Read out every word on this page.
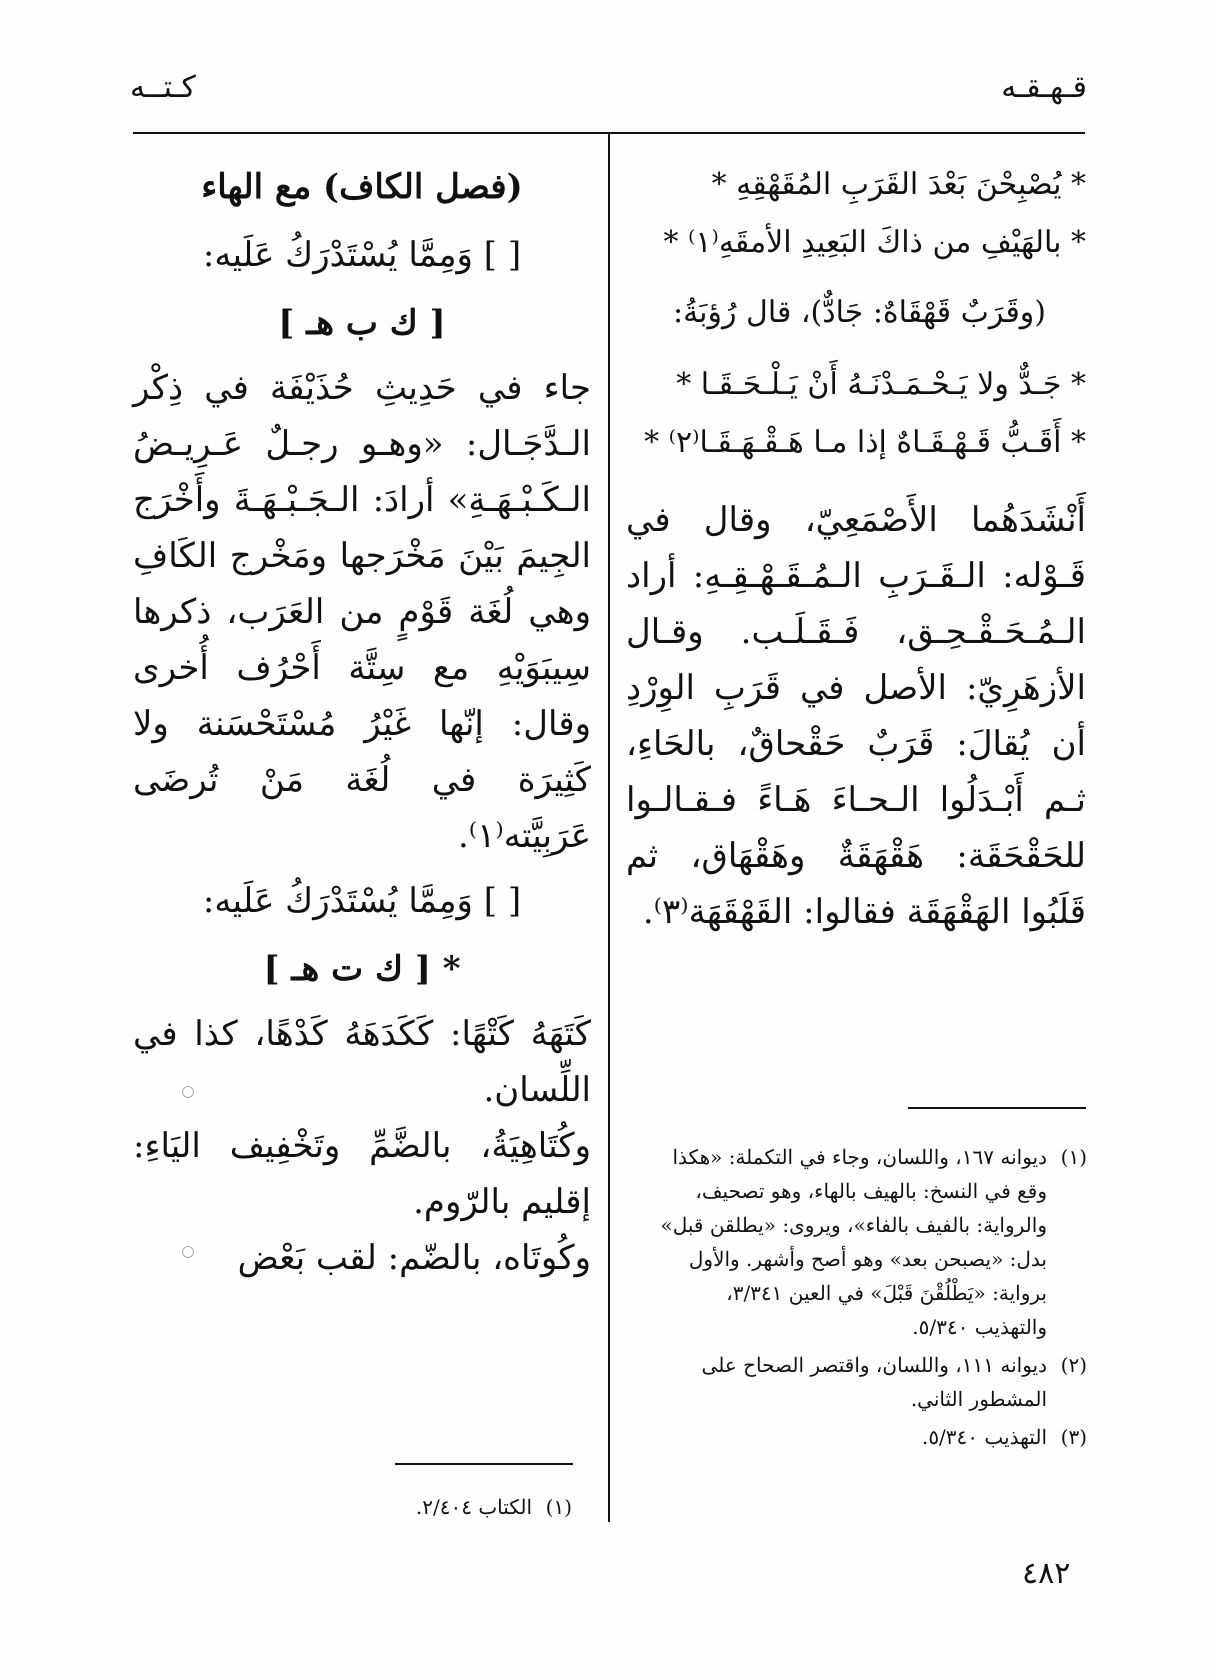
قـهـقـه
كـتــه
* يُصْبِحْنَ بَعْدَ القَرَبِ المُقَهْقِهِ *
* بالهَيْفِ من ذاكَ البَعِيدِ الأمقَهِ⁽١⁾ *
(وقَرَبٌ قَهْقَاهٌ: جَادٌّ)، قال رُؤبَةُ:
* جَـدٌّ ولا يَـحْـمَـدْنَـهُ أَنْ يَـلْـحَـقَـا *
* أَقَـبُّ قَـهْـقَـاهٌ إذا مـا هَـقْـهَـقَـا⁽٢⁾ *

أَنْشَدَهُما الأَصْمَعِيّ، وقال في قَـوْله: الـقَـرَبِ الـمُـقَـهْـقِـهِ: أراد الـمُـحَـقْـحِـق، فَـقَـلَـب. وقـال الأزهَرِيّ: الأصل في قَرَبِ الوِرْدِ أن يُقالَ: قَرَبٌ حَقْحاقٌ، بالحَاءِ، ثـم أَبْـدَلُوا الـحـاءَ هَـاءً فـقـالـوا للحَقْحَقَة: هَقْهَقَةٌ وهَقْهَاق، ثم قَلَبُوا الهَقْهَقَة فقالوا: القَهْقَهَة⁽٣⁾.

(١)
ديوانه ١٦٧، واللسان، وجاء في التكملة: «هكذا وقع في النسخ: بالهيف بالهاء، وهو تصحيف، والرواية: بالفيف بالفاء»، ويروى: «يطلقن قبل» بدل: «يصبحن بعد» وهو أصح وأشهر. والأول برواية: «يَطْلُقْنَ قَبْلَ» في العين ٣/٣٤١، والتهذيب ٥/٣٤٠.
(٢)
ديوانه ١١١، واللسان، واقتصر الصحاح على المشطور الثاني.
(٣)
التهذيب ٥/٣٤٠.
(فصل الكاف) مع الهاء
[ ] وَمِمَّا يُسْتَدْرَكُ عَلَيه:
[ ك ب هـ ]

جاء في حَدِيثِ حُذَيْفَة في ذِكْر الـدَّجَـال: «وهـو رجـلٌ عَـرِيـضُ الـكَـبْـهَـةِ» أرادَ: الـجَـبْـهَـةَ وأَخْرَج الجِيمَ بَيْنَ مَخْرَجها ومَخْرج الكَافِ وهي لُغَة قَوْمٍ من العَرَب، ذكرها سِيبَوَيْهِ مع سِتَّة أَحْرُف أُخرى وقال: إنّها غَيْرُ مُسْتَحْسَنة ولا كَثِيرَة في لُغَة مَنْ تُرضَى عَرَبِيَّته⁽١⁾.

[ ] وَمِمَّا يُسْتَدْرَكُ عَلَيه:
* [ ك ت هـ ]

كَتَهَهُ كَتْهًا: كَكَدَهَهُ كَدْهًا، كذا في اللِّسان.

وكُتَاهِيَةُ، بالضَّمِّ وتَخْفِيف اليَاءِ: إقليم بالرّوم.

وكُوتَاه، بالضّم: لقب بَعْض

(١)
الكتاب ٢/٤٠٤.
٤٨٢
